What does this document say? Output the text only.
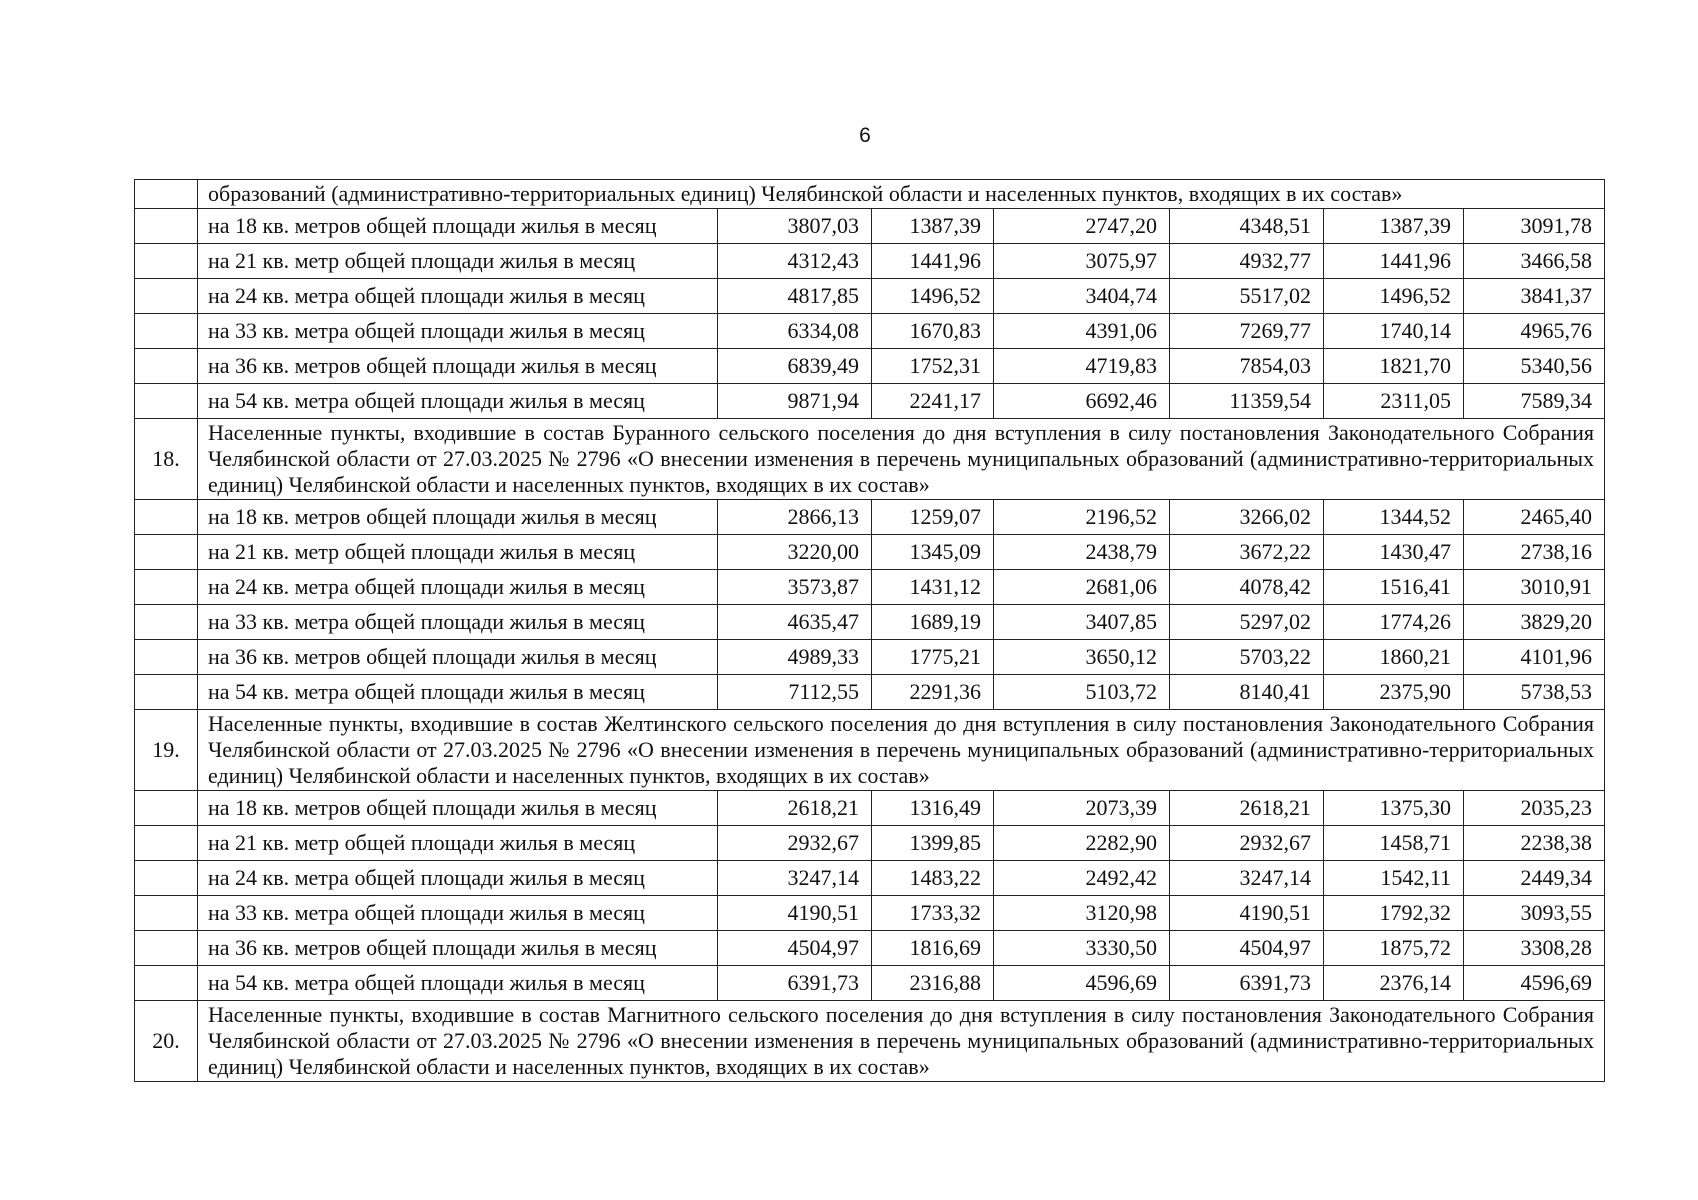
6
	образований (административно-территориальных единиц) Челябинской области и населенных пунктов, входящих в их состав»						
	на 18 кв. метров общей площади жилья в месяц	3807,03	1387,39	2747,20	4348,51	1387,39	3091,78
	на 21 кв. метр общей площади жилья в месяц	4312,43	1441,96	3075,97	4932,77	1441,96	3466,58
	на 24 кв. метра общей площади жилья в месяц	4817,85	1496,52	3404,74	5517,02	1496,52	3841,37
	на 33 кв. метра общей площади жилья в месяц	6334,08	1670,83	4391,06	7269,77	1740,14	4965,76
	на 36 кв. метров общей площади жилья в месяц	6839,49	1752,31	4719,83	7854,03	1821,70	5340,56
	на 54 кв. метра общей площади жилья в месяц	9871,94	2241,17	6692,46	11359,54	2311,05	7589,34
18.	Населенные пункты, входившие в состав Буранного сельского поселения до дня вступления в силу постановления Законодательного Собрания Челябинской области от 27.03.2025 № 2796 «О внесении изменения в перечень муниципальных образований (административно-территориальных единиц) Челябинской области и населенных пунктов, входящих в их состав»						
	на 18 кв. метров общей площади жилья в месяц	2866,13	1259,07	2196,52	3266,02	1344,52	2465,40
	на 21 кв. метр общей площади жилья в месяц	3220,00	1345,09	2438,79	3672,22	1430,47	2738,16
	на 24 кв. метра общей площади жилья в месяц	3573,87	1431,12	2681,06	4078,42	1516,41	3010,91
	на 33 кв. метра общей площади жилья в месяц	4635,47	1689,19	3407,85	5297,02	1774,26	3829,20
	на 36 кв. метров общей площади жилья в месяц	4989,33	1775,21	3650,12	5703,22	1860,21	4101,96
	на 54 кв. метра общей площади жилья в месяц	7112,55	2291,36	5103,72	8140,41	2375,90	5738,53
19.	Населенные пункты, входившие в состав Желтинского сельского поселения до дня вступления в силу постановления Законодательного Собрания Челябинской области от 27.03.2025 № 2796 «О внесении изменения в перечень муниципальных образований (административно-территориальных единиц) Челябинской области и населенных пунктов, входящих в их состав»						
	на 18 кв. метров общей площади жилья в месяц	2618,21	1316,49	2073,39	2618,21	1375,30	2035,23
	на 21 кв. метр общей площади жилья в месяц	2932,67	1399,85	2282,90	2932,67	1458,71	2238,38
	на 24 кв. метра общей площади жилья в месяц	3247,14	1483,22	2492,42	3247,14	1542,11	2449,34
	на 33 кв. метра общей площади жилья в месяц	4190,51	1733,32	3120,98	4190,51	1792,32	3093,55
	на 36 кв. метров общей площади жилья в месяц	4504,97	1816,69	3330,50	4504,97	1875,72	3308,28
	на 54 кв. метра общей площади жилья в месяц	6391,73	2316,88	4596,69	6391,73	2376,14	4596,69
20.	Населенные пункты, входившие в состав Магнитного сельского поселения до дня вступления в силу постановления Законодательного Собрания Челябинской области от 27.03.2025 № 2796 «О внесении изменения в перечень муниципальных образований (административно-территориальных единиц) Челябинской области и населенных пунктов, входящих в их состав»						
